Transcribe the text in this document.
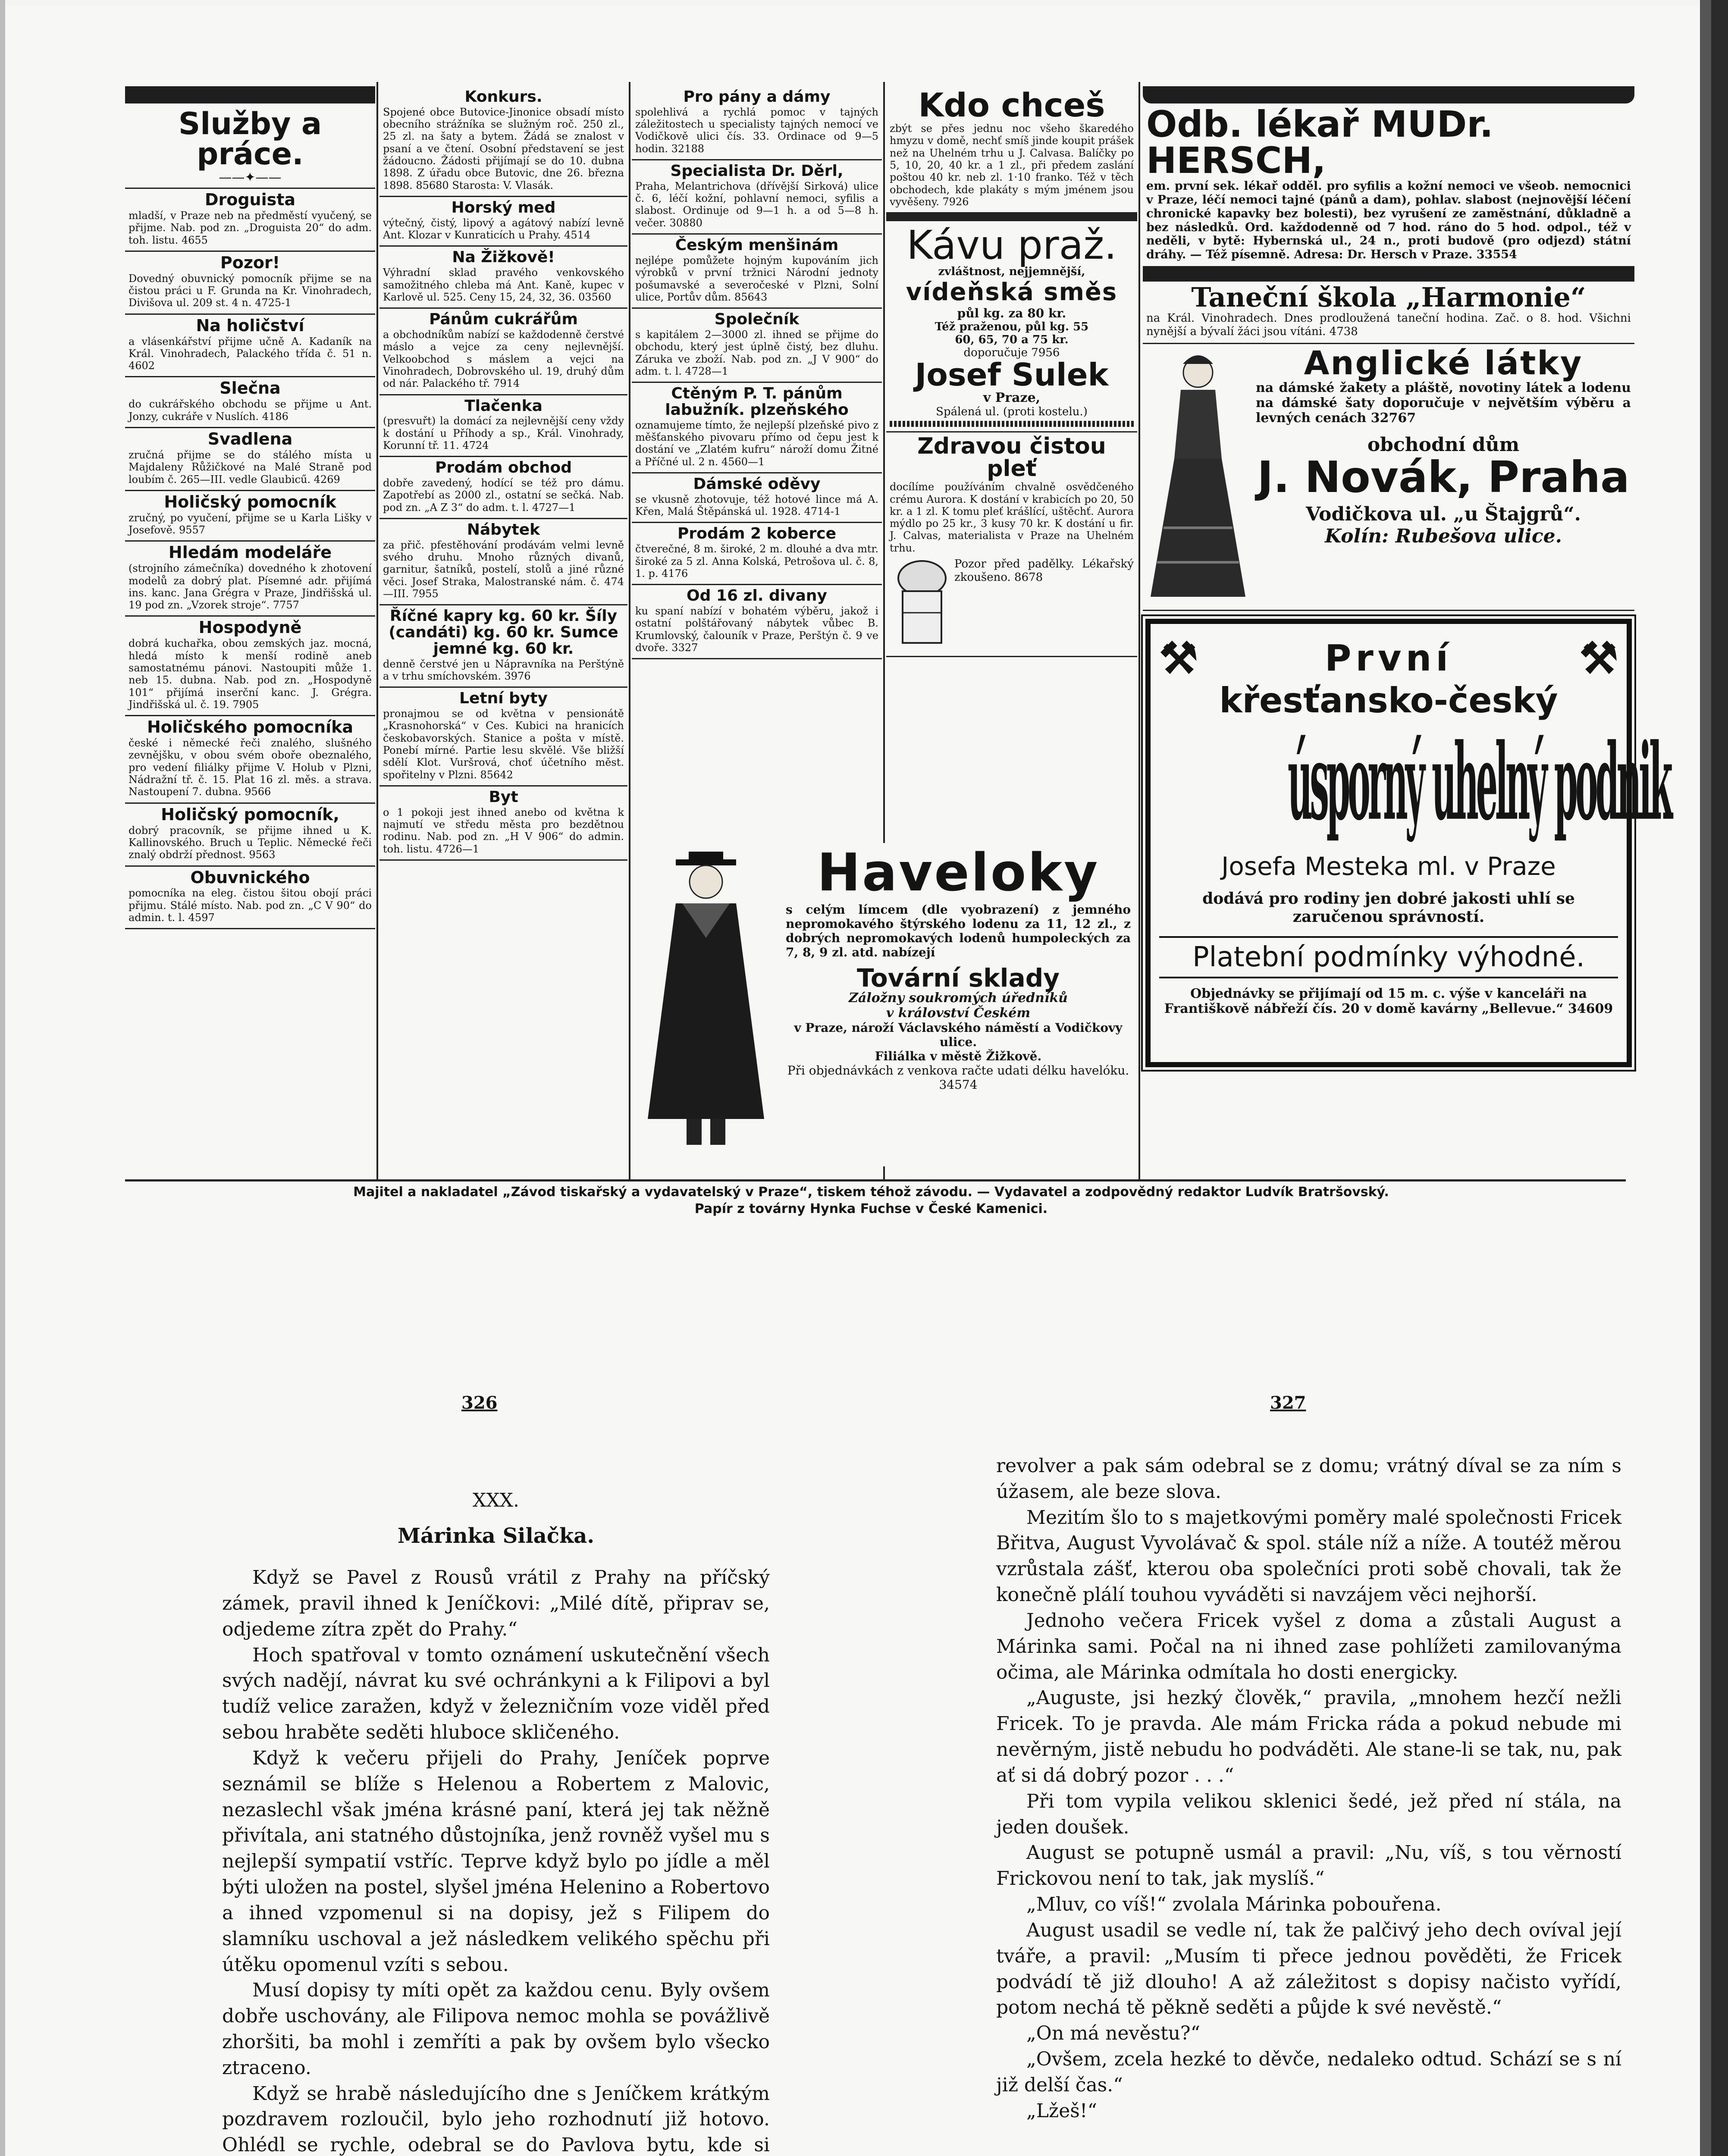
Služby a práce.
——✦——
Droguista

mladší, v Praze neb na předměstí vyučený, se přijme. Nab. pod zn. „Droguista 20“ do adm. toh. listu. 4655

Pozor!

Dovedný obuvnický pomocník přijme se na čistou práci u F. Grunda na Kr. Vinohradech, Divišova ul. 209 st. 4 n. 4725-1

Na holičství

a vlásenkářství přijme učně A. Kadaník na Král. Vinohradech, Palackého třída č. 51 n. 4602

Slečna

do cukrářského obchodu se přijme u Ant. Jonzy, cukráře v Nuslích. 4186

Svadlena

zručná přijme se do stálého místa u Majdaleny Růžičkové na Malé Straně pod loubím č. 265—III. vedle Glaubicű. 4269

Holičský pomocník

zručný, po vyučení, přijme se u Karla Lišky v Josefově. 9557

Hledám modeláře

(strojního zámečníka) dovedného k zhotovení modelů za dobrý plat. Písemné adr. přijímá ins. kanc. Jana Grégra v Praze, Jindřišská ul. 19 pod zn. „Vzorek stroje“. 7757

Hospodyně

dobrá kuchařka, obou zemských jaz. mocná, hledá místo k menší rodině aneb samostatnému pánovi. Nastoupiti může 1. neb 15. dubna. Nab. pod zn. „Hospodyně 101“ přijímá inserční kanc. J. Grégra. Jindřišská ul. č. 19. 7905

Holičského pomocníka

české i německé řeči znalého, slušného zevnějšku, v obou svém oboře obeznalého, pro vedení filiálky přijme V. Holub v Plzni, Nádražní tř. č. 15. Plat 16 zl. měs. a strava. Nastoupení 7. dubna. 9566

Holičský pomocník,

dobrý pracovník, se přijme ihned u K. Kallinovského. Bruch u Teplic. Německé řeči znalý obdrží přednost. 9563

Obuvnického

pomocníka na eleg. čistou šitou obojí práci přijmu. Stálé místo. Nab. pod zn. „C V 90“ do admin. t. l. 4597

Konkurs.

Spojené obce Butovice-Jinonice obsadí místo obecního strážníka se služným roč. 250 zl., 25 zl. na šaty a bytem. Žádá se znalost v psaní a ve čtení. Osobní představení se jest žádoucno. Žádosti přijímají se do 10. dubna 1898. Z úřadu obce Butovic, dne 26. března 1898. 85680 Starosta: V. Vlasák.

Horský med

výtečný, čistý, lipový a agátový nabízí levně Ant. Klozar v Kunraticích u Prahy. 4514

Na Žižkově!

Výhradní sklad pravého venkovského samožitného chleba má Ant. Kaně, kupec v Karlově ul. 525. Ceny 15, 24, 32, 36. 03560

Pánům cukrářům

a obchodníkům nabízí se každodenně čerstvé máslo a vejce za ceny nejlevnější. Velkoobchod s máslem a vejci na Vinohradech, Dobrovského ul. 19, druhý dům od nár. Palackého tř. 7914

Tlačenka

(presvuřt) la domácí za nejlevnější ceny vždy k dostání u Příhody a sp., Král. Vinohrady, Korunní tř. 11. 4724

Prodám obchod

dobře zavedený, hodící se též pro dámu. Zapotřebí as 2000 zl., ostatní se sečká. Nab. pod zn. „A Z 3“ do adm. t. l. 4727—1

Nábytek

za přič. pfestěhování prodávám velmi levně svého druhu. Mnoho různých divanů, garnitur, šatníků, postelí, stolů a jiné různé věci. Josef Straka, Malostranské nám. č. 474—III. 7955

Říčné kapry kg. 60 kr. Šíly (candáti) kg. 60 kr. Sumce jemné kg. 60 kr.

denně čerstvé jen u Nápravníka na Perštýně a v trhu smíchovském. 3976

Letní byty

pronajmou se od května v pensionátě „Krasnohorská“ v Ces. Kubici na hranicích českobavorských. Stanice a pošta v místě. Ponebí mírné. Partie lesu skvělé. Vše bližší sdělí Klot. Vuršrová, choť účetního měst. spořitelny v Plzni. 85642

Byt

o 1 pokoji jest ihned anebo od května k najmutí ve středu města pro bezdětnou rodinu. Nab. pod zn. „H V 906“ do admin. toh. listu. 4726—1

Pro pány a dámy

spolehlivá a rychlá pomoc v tajných záležitostech u specialisty tajných nemocí ve Vodičkově ulici čís. 33. Ordinace od 9—5 hodin. 32188

Specialista Dr. Děrl,

Praha, Melantrichova (dřívější Sirková) ulice č. 6, léčí kožní, pohlavní nemoci, syfilis a slabost. Ordinuje od 9—1 h. a od 5—8 h. večer. 30880

Českým menšinám

nejlépe pomůžete hojným kupováním jich výrobků v první tržnici Národní jednoty pošumavské a severočeské v Plzni, Solní ulice, Portův dům. 85643

Společník

s kapitálem 2—3000 zl. ihned se přijme do obchodu, který jest úplně čistý, bez dluhu. Záruka ve zboží. Nab. pod zn. „J V 900“ do adm. t. l. 4728—1

Ctěným P. T. pánům labužník. plzeňského

oznamujeme tímto, že nejlepší plzeňské pivo z měšťanského pivovaru přímo od čepu jest k dostání ve „Zlatém kufru“ nároží domu Žitné a Příčné ul. 2 n. 4560—1

Dámské oděvy

se vkusně zhotovuje, též hotové lince má A. Křen, Malá Štěpánská ul. 1928. 4714-1

Prodám 2 koberce

čtverečné, 8 m. široké, 2 m. dlouhé a dva mtr. široké za 5 zl. Anna Kolská, Petrošova ul. č. 8, 1. p. 4176

Od 16 zl. divany

ku spaní nabízí v bohatém výběru, jakož i ostatní polštářovaný nábytek vůbec B. Krumlovský, čalouník v Praze, Perštýn č. 9 ve dvoře. 3327

Kdo chceš

zbýt se přes jednu noc všeho škaredého hmyzu v domě, nechť smíš jinde koupit prášek než na Uhelném trhu u J. Calvasa. Balíčky po 5, 10, 20, 40 kr. a 1 zl., při předem zaslání poštou 40 kr. neb zl. 1·10 franko. Též v těch obchodech, kde plakáty s mým jménem jsou vyvěšeny. 7926

Kávu praž.
zvláštnost, nejjemnější,
vídeňská směs
půl kg. za 80 kr.
Též praženou, půl kg. 55
60, 65, 70 a 75 kr.
doporučuje 7956
Josef Sulek
v Praze,
Spálená ul. (proti kostelu.)
Zdravou čistou pleť

docílíme používáním chvalně osvědčeného crému Aurora. K dostání v krabicích po 20, 50 kr. a 1 zl. K tomu pleť krášlící, uštěchť. Aurora mýdlo po 25 kr., 3 kusy 70 kr. K dostání u fir. J. Calvas, materialista v Praze na Uhelném trhu.

Pozor před padělky. Lékařský zkoušeno. 8678

Haveloky

s celým límcem (dle vyobrazení) z jemného nepromokavého štýrského lodenu za 11, 12 zl., z dobrých nepromokavých lodenů humpoleckých za 7, 8, 9 zl. atd. nabízejí

Tovární sklady
Záložny soukromých úředníků
v království Českém
v Praze, nároží Václavského náměstí a Vodičkovy ulice.
Filiálka v městě Žižkově.
Při objednávkách z venkova račte udati délku havelóku. 34574
Odb. lékař MUDr. HERSCH,

em. první sek. lékař odděl. pro syfilis a kožní nemoci ve všeob. nemocnici v Praze, léčí nemoci tajné (pánů a dam), pohlav. slabost (nejnovější léčení chronické kapavky bez bolesti), bez vyrušení ze zaměstnání, důkladně a bez následků. Ord. každodenně od 7 hod. ráno do 5 hod. odpol., též v neděli, v bytě: Hybernská ul., 24 n., proti budově (pro odjezd) státní dráhy. — Též písemně. Adresa: Dr. Hersch v Praze. 33554

Taneční škola „Harmonie“

na Král. Vinohradech. Dnes prodloužená taneční hodina. Zač. o 8. hod. Všichni nynější a bývalí žáci jsou vítáni. 4738

Anglické látky

na dámské žakety a pláště, novotiny látek a lodenu na dámské šaty doporučuje v největším výběru a levných cenách 32767

obchodní dům
J. Novák, Praha
Vodičkova ul. „u Štajgrů“.
Kolín: Rubešova ulice.
⚒	První	⚒
křesťansko-český
úsporný uhelný podnik
Josefa Mesteka ml. v Praze
dodává pro rodiny jen dobré jakosti uhlí se zaručenou správností.
Platební podmínky výhodné.
Objednávky se přijímají od 15 m. c. výše v kanceláři na Františkově nábřeží čís. 20 v domě kavárny „Bellevue.“ 34609
Majitel a nakladatel „Závod tiskařský a vydavatelský v Praze“, tiskem téhož závodu. — Vydavatel a zodpovědný redaktor Ludvík Bratršovský.
Papír z továrny Hynka Fuchse v České Kamenici.
326
XXX.
Márinka Silačka.

Když se Pavel z Rousů vrátil z Prahy na příčský zámek, pravil ihned k Jeníčkovi: „Milé dítě, připrav se, odjedeme zítra zpět do Prahy.“

Hoch spatřoval v tomto oznámení uskutečnění všech svých nadějí, návrat ku své ochránkyni a k Filipovi a byl tudíž velice zaražen, když v železničním voze viděl před sebou hraběte seděti hluboce skličeného.

Když k večeru přijeli do Prahy, Jeníček poprve seznámil se blíže s Helenou a Robertem z Malovic, nezaslechl však jména krásné paní, která jej tak něžně přivítala, ani statného důstojníka, jenž rovněž vyšel mu s nejlepší sympatií vstříc. Teprve když bylo po jídle a měl býti uložen na postel, slyšel jména Helenino a Robertovo a ihned vzpomenul si na dopisy, jež s Filipem do slamníku uschoval a jež následkem velikého spěchu při útěku opomenul vzíti s sebou.

Musí dopisy ty míti opět za každou cenu. Byly ovšem dobře uschovány, ale Filipova nemoc mohla se povážlivě zhoršiti, ba mohl i zemříti a pak by ovšem bylo všecko ztraceno.

Když se hrabě následujícího dne s Jeníčkem krátkým pozdravem rozloučil, bylo jeho rozhodnutí již hotovo. Ohlédl se rychle, odebral se do Pavlova bytu, kde si

327

revolver a pak sám odebral se z domu; vrátný díval se za ním s úžasem, ale beze slova.

Mezitím šlo to s majetkovými poměry malé společnosti Fricek Břitva, August Vyvolávač & spol. stále níž a níže. A toutéž měrou vzrůstala zášť, kterou oba společníci proti sobě chovali, tak že konečně plálí touhou vyváděti si navzájem věci nejhorší.

Jednoho večera Fricek vyšel z doma a zůstali August a Márinka sami. Počal na ni ihned zase pohlížeti zamilovanýma očima, ale Márinka odmítala ho dosti energicky.

„Auguste, jsi hezký člověk,“ pravila, „mnohem hezčí nežli Fricek. To je pravda. Ale mám Fricka ráda a pokud nebude mi nevěrným, jistě nebudu ho podváděti. Ale stane-li se tak, nu, pak ať si dá dobrý pozor . . .“

Při tom vypila velikou sklenici šedé, jež před ní stála, na jeden doušek.

August se potupně usmál a pravil: „Nu, víš, s tou věrností Frickovou není to tak, jak myslíš.“

„Mluv, co víš!“ zvolala Márinka pobouřena.

August usadil se vedle ní, tak že palčivý jeho dech ovíval její tváře, a pravil: „Musím ti přece jednou pověděti, že Fricek podvádí tě již dlouho! A až záležitost s dopisy načisto vyřídí, potom nechá tě pěkně seděti a půjde k své nevěstě.“

„On má nevěstu?“

„Ovšem, zcela hezké to děvče, nedaleko odtud. Schází se s ní již delší čas.“

„Lžeš!“
